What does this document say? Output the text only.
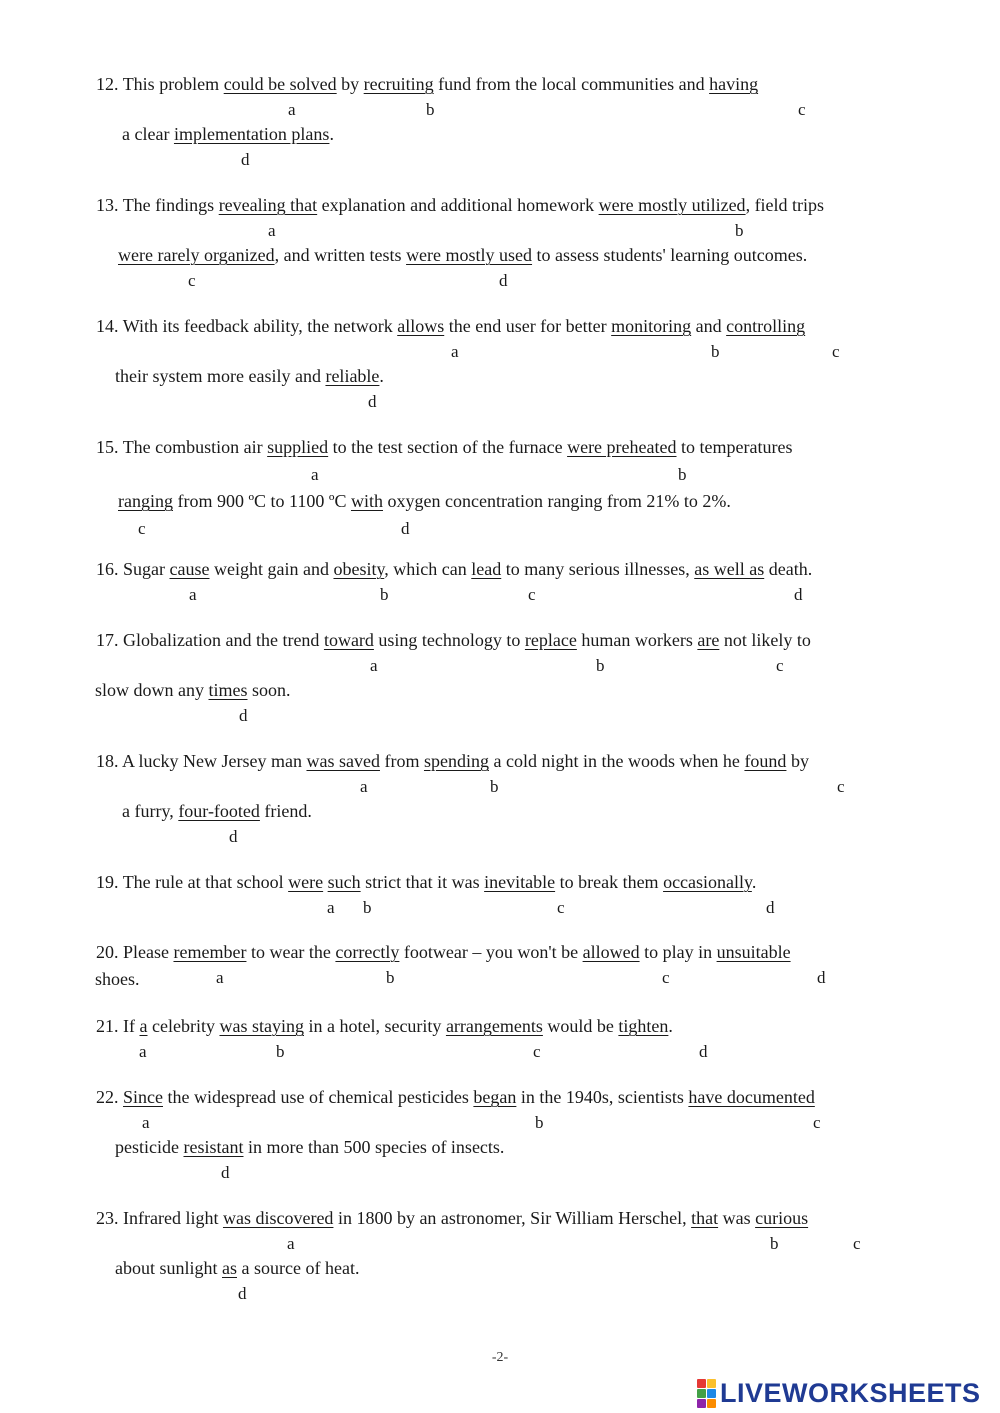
12. This problem could be solved by recruiting fund from the local communities and having
a	b	c
a clear implementation plans.
d
13. The findings revealing that explanation and additional homework were mostly utilized, field trips
a	b
were rarely organized, and written tests were mostly used to assess students' learning outcomes.
c	d
14. With its feedback ability, the network allows the end user for better monitoring and controlling
a	b	c
their system more easily and reliable.
d
15. The combustion air supplied to the test section of the furnace were preheated to temperatures
a	b
ranging from 900 ºC to 1100 ºC with oxygen concentration ranging from 21% to 2%.
c	d
16. Sugar cause weight gain and obesity, which can lead to many serious illnesses, as well as death.
a	b	c	d
17. Globalization and the trend toward using technology to replace human workers are not likely to
a	b	c
slow down any times soon.
d
18. A lucky New Jersey man was saved from spending a cold night in the woods when he found by
a	b	c
a furry, four-footed friend.
d
19. The rule at that school were such strict that it was inevitable to break them occasionally.
a b	c	d
20. Please remember to wear the correctly footwear – you won't be allowed to play in unsuitable
shoes.	a	b	c	d
21. If a celebrity was staying in a hotel, security arrangements would be tighten.
a	b	c	d
22. Since the widespread use of chemical pesticides began in the 1940s, scientists have documented
a	b	c
pesticide resistant in more than 500 species of insects.
d
23. Infrared light was discovered in 1800 by an astronomer, Sir William Herschel, that was curious
a	b	c
about sunlight as a source of heat.
d
-2-
LIVEWORKSHEETS
